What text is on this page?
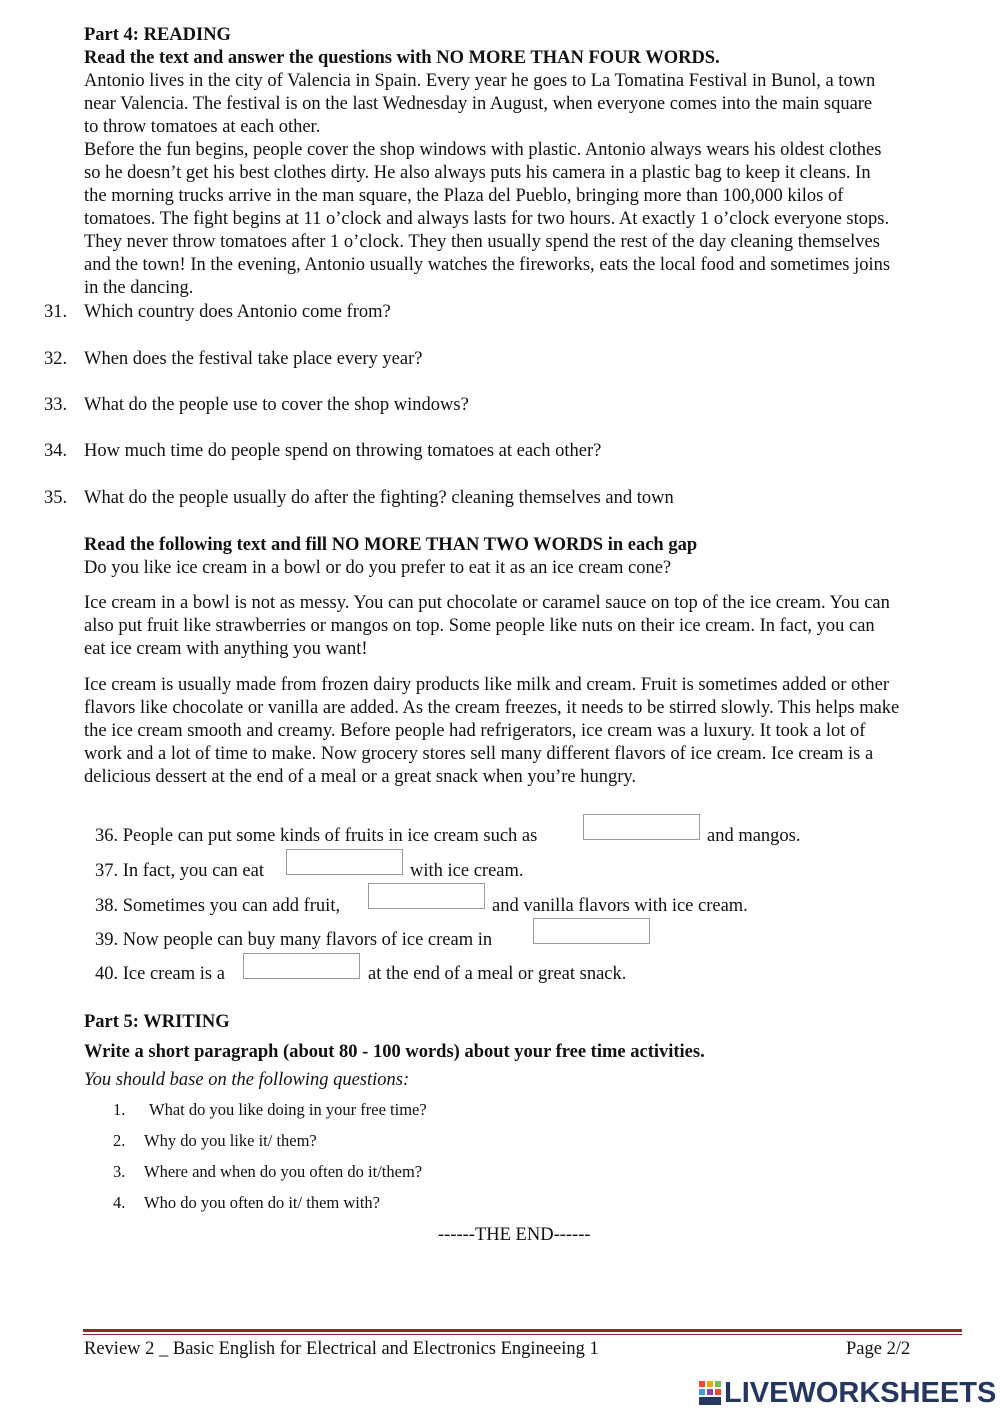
Part 4: READING
Read the text and answer the questions with NO MORE THAN FOUR WORDS.
Antonio lives in the city of Valencia in Spain. Every year he goes to La Tomatina Festival in Bunol, a town
near Valencia. The festival is on the last Wednesday in August, when everyone comes into the main square
to throw tomatoes at each other.
Before the fun begins, people cover the shop windows with plastic. Antonio always wears his oldest clothes
so he doesn’t get his best clothes dirty. He also always puts his camera in a plastic bag to keep it cleans. In
the morning trucks arrive in the man square, the Plaza del Pueblo, bringing more than 100,000 kilos of
tomatoes. The fight begins at 11 o’clock and always lasts for two hours. At exactly 1 o’clock everyone stops.
They never throw tomatoes after 1 o’clock. They then usually spend the rest of the day cleaning themselves
and the town! In the evening, Antonio usually watches the fireworks, eats the local food and sometimes joins
in the dancing.
31. Which country does Antonio come from?
32. When does the festival take place every year?
33. What do the people use to cover the shop windows?
34. How much time do people spend on throwing tomatoes at each other?
35. What do the people usually do after the fighting? cleaning themselves and town
Read the following text and fill NO MORE THAN TWO WORDS in each gap
Do you like ice cream in a bowl or do you prefer to eat it as an ice cream cone?
Ice cream in a bowl is not as messy. You can put chocolate or caramel sauce on top of the ice cream. You can
also put fruit like strawberries or mangos on top. Some people like nuts on their ice cream. In fact, you can
eat ice cream with anything you want!
Ice cream is usually made from frozen dairy products like milk and cream. Fruit is sometimes added or other
flavors like chocolate or vanilla are added. As the cream freezes, it needs to be stirred slowly. This helps make
the ice cream smooth and creamy. Before people had refrigerators, ice cream was a luxury. It took a lot of
work and a lot of time to make. Now grocery stores sell many different flavors of ice cream. Ice cream is a
delicious dessert at the end of a meal or a great snack when you’re hungry.
36. People can put some kinds of fruits in ice cream such as	and mangos.
37. In fact, you can eat	with ice cream.
38. Sometimes you can add fruit,	and vanilla flavors with ice cream.
39. Now people can buy many flavors of ice cream in
40. Ice cream is a	at the end of a meal or great snack.
Part 5: WRITING
Write a short paragraph (about 80 - 100 words) about your free time activities.
You should base on the following questions:
1. What do you like doing in your free time?
2. Why do you like it/ them?
3. Where and when do you often do it/them?
4. Who do you often do it/ them with?
------THE END------
Review 2 _ Basic English for Electrical and Electronics Engineeing 1	Page 2/2
LIVEWORKSHEETS
